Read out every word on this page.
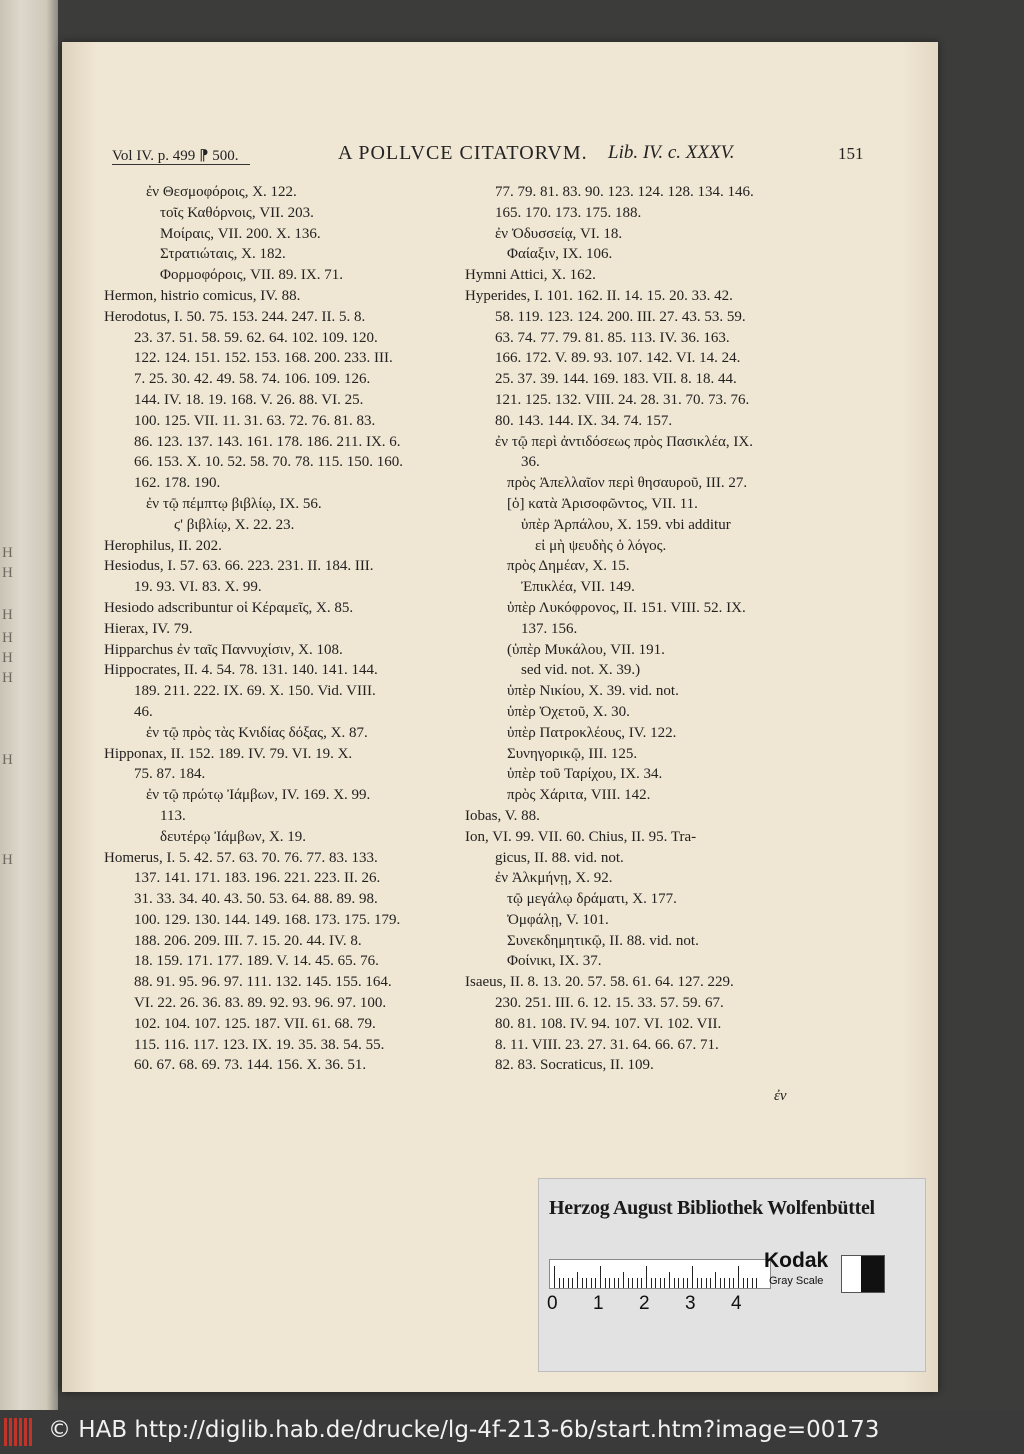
H
H
H
H
H
H
H
H
Vol IV. p. 499 ⁋ 500.	A POLLVCE CITATORVM. Lib. IV. c. XXXV.	151
ἐν Θεσμοφόροις, X. 122.
τοῖς Καθόρνοις, VII. 203.
Μοίραις, VII. 200. X. 136.
Στρατιώταις, X. 182.
Φορμοφόροις, VII. 89. IX. 71.
Hermon, histrio comicus, IV. 88.
Herodotus, I. 50. 75. 153. 244. 247. II. 5. 8.
23. 37. 51. 58. 59. 62. 64. 102. 109. 120.
122. 124. 151. 152. 153. 168. 200. 233. III.
7. 25. 30. 42. 49. 58. 74. 106. 109. 126.
144. IV. 18. 19. 168. V. 26. 88. VI. 25.
100. 125. VII. 11. 31. 63. 72. 76. 81. 83.
86. 123. 137. 143. 161. 178. 186. 211. IX. 6.
66. 153. X. 10. 52. 58. 70. 78. 115. 150. 160.
162. 178. 190.
ἐν τῷ πέμπτῳ βιβλίῳ, IX. 56.
ϛ' βιβλίῳ, X. 22. 23.
Herophilus, II. 202.
Hesiodus, I. 57. 63. 66. 223. 231. II. 184. III.
19. 93. VI. 83. X. 99.
Hesiodo adscribuntur οἱ Κέραμεῖς, X. 85.
Hierax, IV. 79.
Hipparchus ἐν ταῖς Παννυχίσιν, X. 108.
Hippocrates, II. 4. 54. 78. 131. 140. 141. 144.
189. 211. 222. IX. 69. X. 150. Vid. VIII.
46.
ἐν τῷ πρὸς τὰς Κνιδίας δόξας, X. 87.
Hipponax, II. 152. 189. IV. 79. VI. 19. X.
75. 87. 184.
ἐν τῷ πρώτῳ Ἰάμβων, IV. 169. X. 99.
113.
δευτέρῳ Ἰάμβων, X. 19.
Homerus, I. 5. 42. 57. 63. 70. 76. 77. 83. 133.
137. 141. 171. 183. 196. 221. 223. II. 26.
31. 33. 34. 40. 43. 50. 53. 64. 88. 89. 98.
100. 129. 130. 144. 149. 168. 173. 175. 179.
188. 206. 209. III. 7. 15. 20. 44. IV. 8.
18. 159. 171. 177. 189. V. 14. 45. 65. 76.
88. 91. 95. 96. 97. 111. 132. 145. 155. 164.
VI. 22. 26. 36. 83. 89. 92. 93. 96. 97. 100.
102. 104. 107. 125. 187. VII. 61. 68. 79.
115. 116. 117. 123. IX. 19. 35. 38. 54. 55.
60. 67. 68. 69. 73. 144. 156. X. 36. 51.
77. 79. 81. 83. 90. 123. 124. 128. 134. 146.
165. 170. 173. 175. 188.
ἐν Ὀδυσσείᾳ, VI. 18.
Φαίαξιν, IX. 106.
Hymni Attici, X. 162.
Hyperides, I. 101. 162. II. 14. 15. 20. 33. 42.
58. 119. 123. 124. 200. III. 27. 43. 53. 59.
63. 74. 77. 79. 81. 85. 113. IV. 36. 163.
166. 172. V. 89. 93. 107. 142. VI. 14. 24.
25. 37. 39. 144. 169. 183. VII. 8. 18. 44.
121. 125. 132. VIII. 24. 28. 31. 70. 73. 76.
80. 143. 144. IX. 34. 74. 157.
ἐν τῷ περὶ ἀντιδόσεως πρὸς Πασικλέα, IX.
36.
πρὸς Ἀπελλαῖον περὶ θησαυροῦ, III. 27.
[ὁ] κατὰ Ἀρισοφῶντος, VII. 11.
ὑπὲρ Ἀρπάλου, X. 159. vbi additur
εἰ μὴ ψευδὴς ὁ λόγος.
πρὸς Δημέαν, X. 15.
Ἐπικλέα, VII. 149.
ὑπὲρ Λυκόφρονος, II. 151. VIII. 52. IX.
137. 156.
(ὑπὲρ Μυκάλου, VII. 191.
sed vid. not. X. 39.)
ὑπὲρ Νικίου, X. 39. vid. not.
ὑπὲρ Ὀχετοῦ, X. 30.
ὑπὲρ Πατροκλέους, IV. 122.
Συνηγορικῷ, III. 125.
ὑπὲρ τοῦ Ταρίχου, IX. 34.
πρὸς Χάριτα, VIII. 142.
Iobas, V. 88.
Ion, VI. 99. VII. 60. Chius, II. 95. Tra-
gicus, II. 88. vid. not.
ἐν Ἀλκμήνῃ, X. 92.
τῷ μεγάλῳ δράματι, X. 177.
Ὀμφάλῃ, V. 101.
Συνεκδημητικῷ, II. 88. vid. not.
Φοίνικι, IX. 37.
Isaeus, II. 8. 13. 20. 57. 58. 61. 64. 127. 229.
230. 251. III. 6. 12. 15. 33. 57. 59. 67.
80. 81. 108. IV. 94. 107. VI. 102. VII.
8. 11. VIII. 23. 27. 31. 64. 66. 67. 71.
82. 83. Socraticus, II. 109.
ἐν
Herzog August Bibliothek Wolfenbüttel
0 1 2 3 4
Kodak
Gray Scale
© HAB http://diglib.hab.de/drucke/lg-4f-213-6b/start.htm?image=00173
